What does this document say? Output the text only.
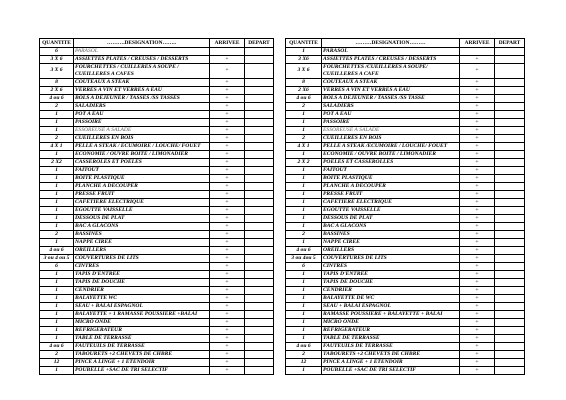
QUANTITE	……….DESIGNATION……..	ARRIVEE	DEPART
6	PARASOL		
3 X 6	ASSIETTES PLATES / CREUSES / DESSERTS	+	
3 X 6	FOURCHETTES / CUILLERES A SOUPE / CUEILLERES A CAFES	+	
8	COUTEAUX A STEAK	+	
2 X 6	VERRES A VIN ET VERRES A EAU	+	
4 ou 6	BOLS A DEJEUNER / TASSES /SS TASSES	+	
2	SALADIERS	+	
1	POT A EAU	+	
1	PASSOIRE	+	
1	ESSOREUSE A SALADE	+	
2	CUEILLERES EN BOIS	+	
4 X 1	PELLE A STEAK / ECUMOIRE / LOUCHE/ FOUET	+	
1	ECONOMIE / OUVRE BOITE / LIMONADIER	+	
2 X2	CASSEROLES ET POELES	+	
1	FAITOUT	+	
1	BOITE PLASTIQUE	+	
1	PLANCHE A DECOUPER	+	
1	PRESSE FRUIT	+	
1	CAFETIERE ELECTRIQUE	+	
1	EGOUTTE VAISSELLE	+	
1	DESSOUS DE PLAT	+	
1	BAC A GLACONS	+	
2	BASSINES	+	
1	NAPPE CIREE	+	
4 ou 6	OREILLERS	+	
3 ou 4 ou 5	COUVERTURES DE LITS	+	
6	CINTRES	+	
1	TAPIS D'ENTREE	+	
1	TAPIS DE DOUCHE	+	
1	CENDRIER	+	
1	BALAYETTE WC	+	
1	SEAU + BALAI ESPAGNOL	+	
1	BALAYETTE + 1 RAMASSE POUSSIERE +BALAI	+	
1	MICRO ONDE	+	
1	REFRIGERATEUR	+	
1	TABLE DE TERRASSE	+	
4 ou 6	FAUTEUILS DE TERRASSE	+	
2	TABOURETS +2 CHEVETS DE CHBRE	+	
12	PINCE A LINGE + 1 ETENDOIR	+	
1	POUBELLE +SAC DE TRI SELECTIF	+	
QUANTITE	………DESIGNATION………	ARRIVEE	DEPART
1	PARASOL		
3 X6	ASSIETTES PLATES / CREUSES / DESSERTS	+	
3 X 6	FOURCHETTES /CUEILLERES A SOUPE/ CUEILLERES A CAFE	+	
8	COUTEAUX A STEAK	+	
2 X6	VERRES A VIN ET VERRES A EAU	+	
4 ou 6	BOLS A DEJEUNER / TASSES /SS TASSE	+	
2	SALADIERS	+	
1	POT A EAU	+	
1	PASSOIRE	+	
1	ESSOREUSE A SALADE	+	
2	CUEILLERES EN BOIS	+	
4 X 1	PELLE A STEAK /ECUMOIRE / LOUCHE/ FOUET	+	
1	ECONOMIE / OUVRE BOITE / LIMONADIER	+	
2 X 2	POELES ET CASSEROLLES	+	
1	FAITOUT	+	
1	BOITE PLASTIQUE	+	
1	PLANCHE A DECOUPER	+	
1	PRESSE FRUIT	+	
1	CAFETIERE ELECTRIQUE	+	
1	EGOUTTE VAISSELLE	+	
1	DESSOUS DE PLAT	+	
1	BAC A GLACONS	+	
2	BASSINES	+	
1	NAPPE CIREE	+	
4 ou 6	OREILLERS	+	
3 ou 4ou 5	COUVERTURES DE LITS	+	
6	CINTRES	+	
1	TAPIS D'ENTREE	+	
1	TAPIS DE DOUCHE	+	
1	CENDRIER	+	
1	BALAYETTE DE WC	+	
1	SEAU + BALAI ESPAGNOL	+	
1	RAMASSE POUSSIERE + BALAYETTE + BALAI	+	
1	MICRO ONDE	+	
1	REFRIGERATEUR	+	
1	TABLE DE TERRASSE	+	
4 ou 6	FAUTEUILS DE TERRASSE	+	
2	TABOURETS +2 CHEVETS DE CHBRE	+	
12	PINCE A LINGE + 1 ETENDOIR	+	
1	POUBELLE +SAC DE TRI SELECTIF	+	
